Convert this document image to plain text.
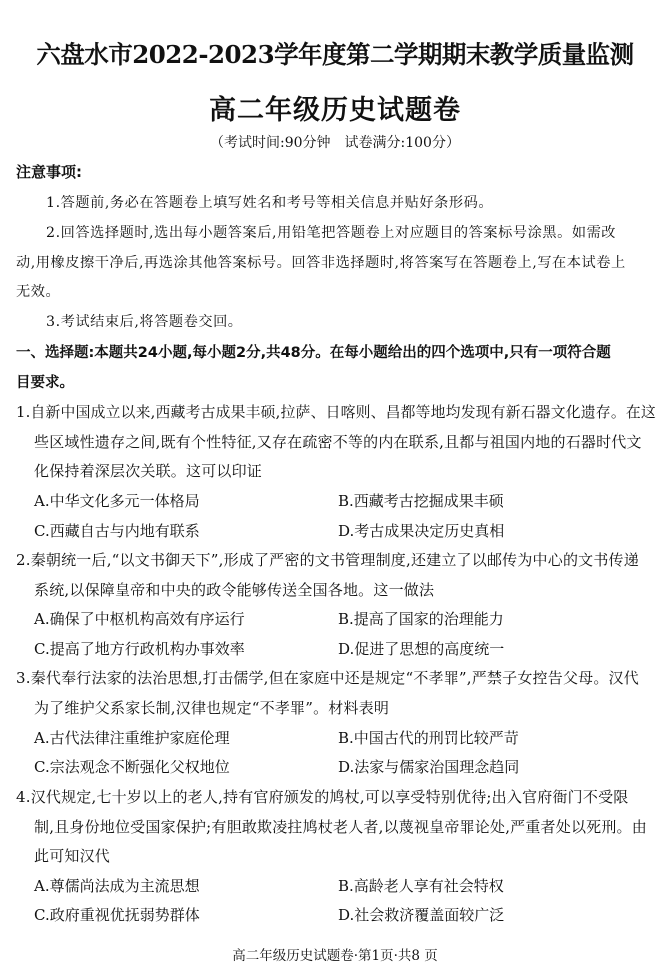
六盘水市2022-2023学年度第二学期期末教学质量监测
高二年级历史试题卷
（考试时间:90分钟　试卷满分:100分）
注意事项:
1.答题前,务必在答题卷上填写姓名和考号等相关信息并贴好条形码。
2.回答选择题时,选出每小题答案后,用铅笔把答题卷上对应题目的答案标号涂黑。如需改
动,用橡皮擦干净后,再选涂其他答案标号。回答非选择题时,将答案写在答题卷上,写在本试卷上
无效。
3.考试结束后,将答题卷交回。
一、选择题:本题共24小题,每小题2分,共48分。在每小题给出的四个选项中,只有一项符合题
目要求。
1.自新中国成立以来,西藏考古成果丰硕,拉萨、日喀则、昌都等地均发现有新石器文化遗存。在这
些区域性遗存之间,既有个性特征,又存在疏密不等的内在联系,且都与祖国内地的石器时代文
化保持着深层次关联。这可以印证
A.中华文化多元一体格局	B.西藏考古挖掘成果丰硕
C.西藏自古与内地有联系	D.考古成果决定历史真相
2.秦朝统一后,“以文书御天下”,形成了严密的文书管理制度,还建立了以邮传为中心的文书传递
系统,以保障皇帝和中央的政令能够传送全国各地。这一做法
A.确保了中枢机构高效有序运行	B.提高了国家的治理能力
C.提高了地方行政机构办事效率	D.促进了思想的高度统一
3.秦代奉行法家的法治思想,打击儒学,但在家庭中还是规定“不孝罪”,严禁子女控告父母。汉代
为了维护父系家长制,汉律也规定“不孝罪”。材料表明
A.古代法律注重维护家庭伦理	B.中国古代的刑罚比较严苛
C.宗法观念不断强化父权地位	D.法家与儒家治国理念趋同
4.汉代规定,七十岁以上的老人,持有官府颁发的鸠杖,可以享受特别优待;出入官府衙门不受限
制,且身份地位受国家保护;有胆敢欺凌拄鸠杖老人者,以蔑视皇帝罪论处,严重者处以死刑。由
此可知汉代
A.尊儒尚法成为主流思想	B.高龄老人享有社会特权
C.政府重视优抚弱势群体	D.社会救济覆盖面较广泛
高二年级历史试题卷·第1页·共8 页
